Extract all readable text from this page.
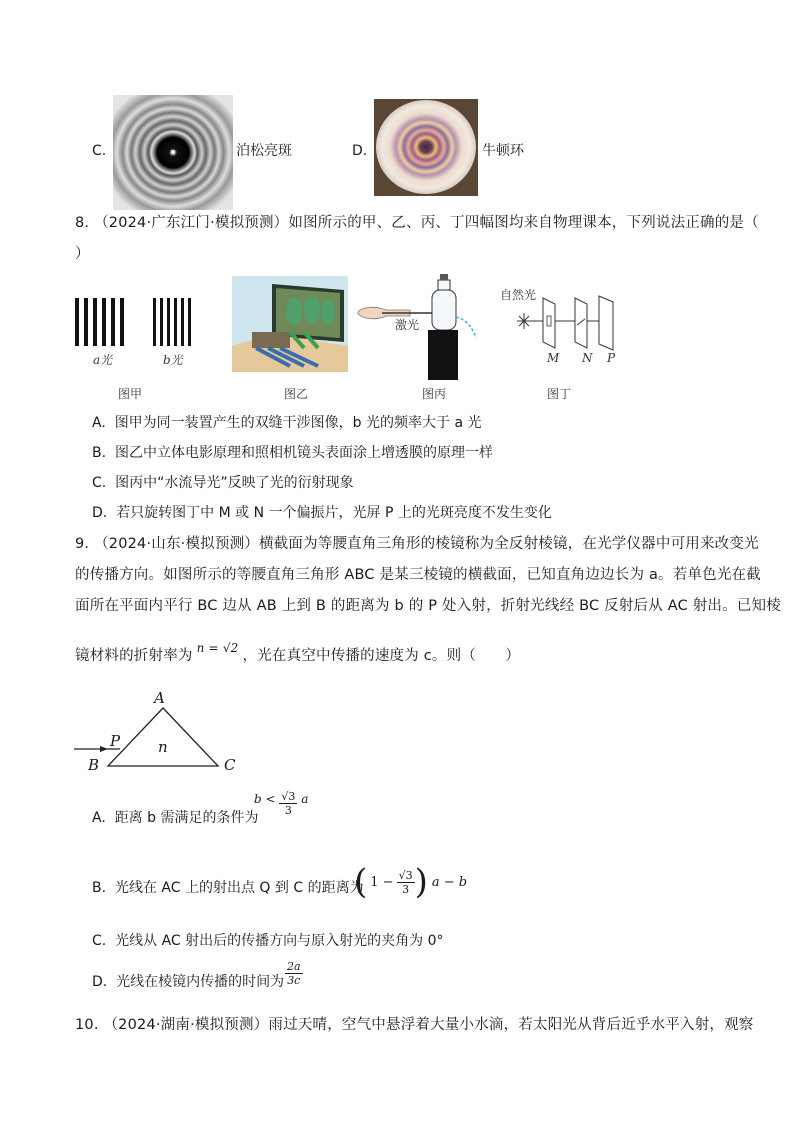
C.	泊松亮斑	D.	牛顿环
8. （2024·广东江门·模拟预测）如图所示的甲、乙、丙、丁四幅图均来自物理课本，下列说法正确的是（
）
a光	b光
图甲	图乙
激光
图丙
自然光
M N P
图丁
A. 图甲为同一装置产生的双缝干涉图像，b 光的频率大于 a 光
B. 图乙中立体电影原理和照相机镜头表面涂上增透膜的原理一样
C. 图丙中“水流导光”反映了光的衍射现象
D. 若只旋转图丁中 M 或 N 一个偏振片，光屏 P 上的光斑亮度不发生变化
9. （2024·山东·模拟预测）横截面为等腰直角三角形的棱镜称为全反射棱镜，在光学仪器中可用来改变光
的传播方向。如图所示的等腰直角三角形 ABC 是某三棱镜的横截面，已知直角边边长为 a。若单色光在截
面所在平面内平行 BC 边从 AB 上到 B 的距离为 b 的 P 处入射，折射光线经 BC 反射后从 AC 射出。已知棱
镜材料的折射率为 $^{n = √2}$ ，光在真空中传播的速度为 c。则（　　）
A
B	C
P	n
A. 距离 b 需满足的条件为
$b < \frac{√3}{3}$ a
B. 光线在 AC 上的射出点 Q 到 C 的距离为
( $1 - \frac{√3}{3}$ ) a − b
C. 光线从 AC 射出后的传播方向与原入射光的夹角为 0°
D. 光线在棱镜内传播的时间为 $\frac{2a}{3c}$
10. （2024·湖南·模拟预测）雨过天晴，空气中悬浮着大量小水滴，若太阳光从背后近乎水平入射，观察
